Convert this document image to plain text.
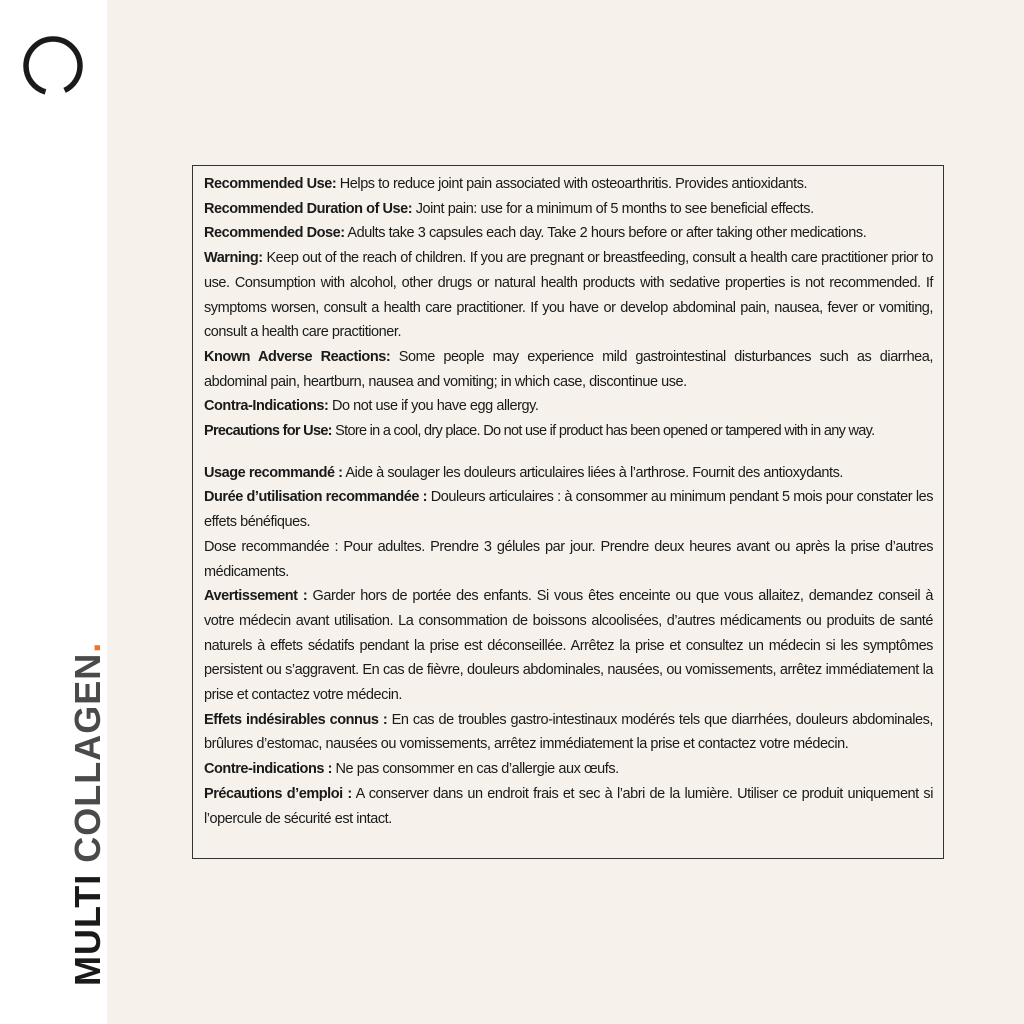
MULTI COLLAGEN.

Recommended Use: Helps to reduce joint pain associated with osteoarthritis. Provides antioxidants.

Recommended Duration of Use: Joint pain: use for a minimum of 5 months to see beneficial effects.

Recommended Dose: Adults take 3 capsules each day. Take 2 hours before or after taking other medications.

Warning: Keep out of the reach of children. If you are pregnant or breastfeeding, consult a health care practitioner prior to use. Consumption with alcohol, other drugs or natural health products with sedative properties is not recommended. If symptoms worsen, consult a health care practitioner. If you have or develop abdominal pain, nausea, fever or vomiting, consult a health care practitioner.

Known Adverse Reactions: Some people may experience mild gastrointestinal disturbances such as diarrhea, abdominal pain, heartburn, nausea and vomiting; in which case, discontinue use.

Contra-Indications: Do not use if you have egg allergy.

Precautions for Use: Store in a cool, dry place. Do not use if product has been opened or tampered with in any way.

Usage recommandé : Aide à soulager les douleurs articulaires liées à l’arthrose. Fournit des antioxydants.

Durée d’utilisation recommandée : Douleurs articulaires : à consommer au minimum pendant 5 mois pour constater les effets bénéfiques.

Dose recommandée : Pour adultes. Prendre 3 gélules par jour. Prendre deux heures avant ou après la prise d’autres médicaments.

Avertissement : Garder hors de portée des enfants. Si vous êtes enceinte ou que vous allaitez, demandez conseil à votre médecin avant utilisation. La consommation de boissons alcoolisées, d’autres médicaments ou produits de santé naturels à effets sédatifs pendant la prise est déconseillée. Arrêtez la prise et consultez un médecin si les symptômes persistent ou s’aggravent. En cas de fièvre, douleurs abdominales, nausées, ou vomissements, arrêtez immédiatement la prise et contactez votre médecin.

Effets indésirables connus : En cas de troubles gastro-intestinaux modérés tels que diarrhées, douleurs abdominales, brûlures d’estomac, nausées ou vomissements, arrêtez immédiatement la prise et contactez votre médecin.

Contre-indications : Ne pas consommer en cas d’allergie aux œufs.

Précautions d’emploi : A conserver dans un endroit frais et sec à l’abri de la lumière. Utiliser ce produit uniquement si l’opercule de sécurité est intact.
